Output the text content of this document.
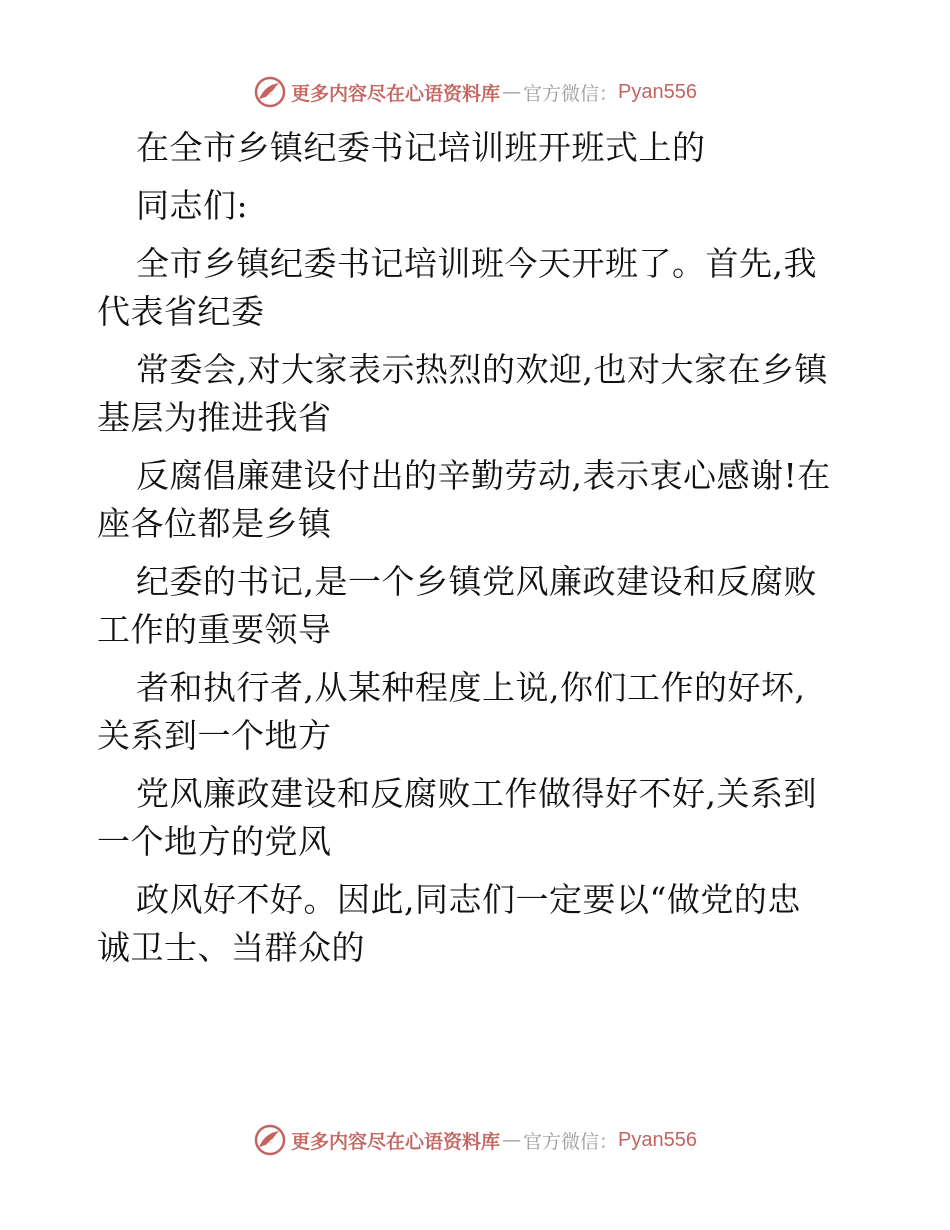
更多内容尽在心语资料库 — 官方微信： Pyan556
在全市乡镇纪委书记培训班开班式上的
同志们:
全市乡镇纪委书记培训班今天开班了。首先,我
代表省纪委
常委会,对大家表示热烈的欢迎,也对大家在乡镇
基层为推进我省
反腐倡廉建设付出的辛勤劳动,表示衷心感谢!在
座各位都是乡镇
纪委的书记,是一个乡镇党风廉政建设和反腐败
工作的重要领导
者和执行者,从某种程度上说,你们工作的好坏,
关系到一个地方
党风廉政建设和反腐败工作做得好不好,关系到
一个地方的党风
政风好不好。因此,同志们一定要以“做党的忠
诚卫士、当群众的
更多内容尽在心语资料库 — 官方微信： Pyan556
